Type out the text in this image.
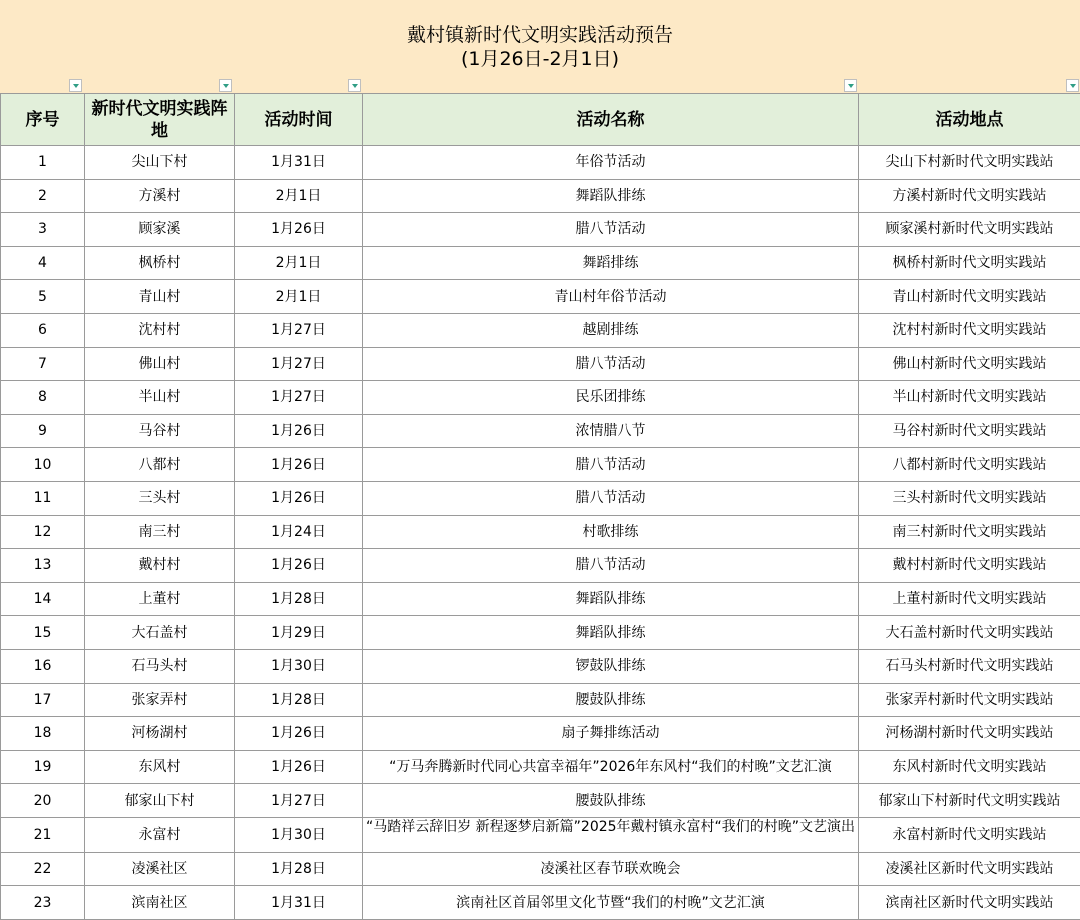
戴村镇新时代文明实践活动预告
(1月26日-2月1日)
序号	新时代文明实践阵地	活动时间	活动名称	活动地点
1	尖山下村	1月31日	年俗节活动	尖山下村新时代文明实践站
2	方溪村	2月1日	舞蹈队排练	方溪村新时代文明实践站
3	顾家溪	1月26日	腊八节活动	顾家溪村新时代文明实践站
4	枫桥村	2月1日	舞蹈排练	枫桥村新时代文明实践站
5	青山村	2月1日	青山村年俗节活动	青山村新时代文明实践站
6	沈村村	1月27日	越剧排练	沈村村新时代文明实践站
7	佛山村	1月27日	腊八节活动	佛山村新时代文明实践站
8	半山村	1月27日	民乐团排练	半山村新时代文明实践站
9	马谷村	1月26日	浓情腊八节	马谷村新时代文明实践站
10	八都村	1月26日	腊八节活动	八都村新时代文明实践站
11	三头村	1月26日	腊八节活动	三头村新时代文明实践站
12	南三村	1月24日	村歌排练	南三村新时代文明实践站
13	戴村村	1月26日	腊八节活动	戴村村新时代文明实践站
14	上董村	1月28日	舞蹈队排练	上董村新时代文明实践站
15	大石盖村	1月29日	舞蹈队排练	大石盖村新时代文明实践站
16	石马头村	1月30日	锣鼓队排练	石马头村新时代文明实践站
17	张家弄村	1月28日	腰鼓队排练	张家弄村新时代文明实践站
18	河杨湖村	1月26日	扇子舞排练活动	河杨湖村新时代文明实践站
19	东风村	1月26日	“万马奔腾新时代同心共富幸福年”2026年东风村“我们的村晚”文艺汇演	东风村新时代文明实践站
20	郁家山下村	1月27日	腰鼓队排练	郁家山下村新时代文明实践站
21	永富村	1月30日	“马踏祥云辞旧岁 新程逐梦启新篇”2025年戴村镇永富村“我们的村晚”文艺演出	永富村新时代文明实践站
22	凌溪社区	1月28日	凌溪社区春节联欢晚会	凌溪社区新时代文明实践站
23	滨南社区	1月31日	滨南社区首届邻里文化节暨“我们的村晚”文艺汇演	滨南社区新时代文明实践站
